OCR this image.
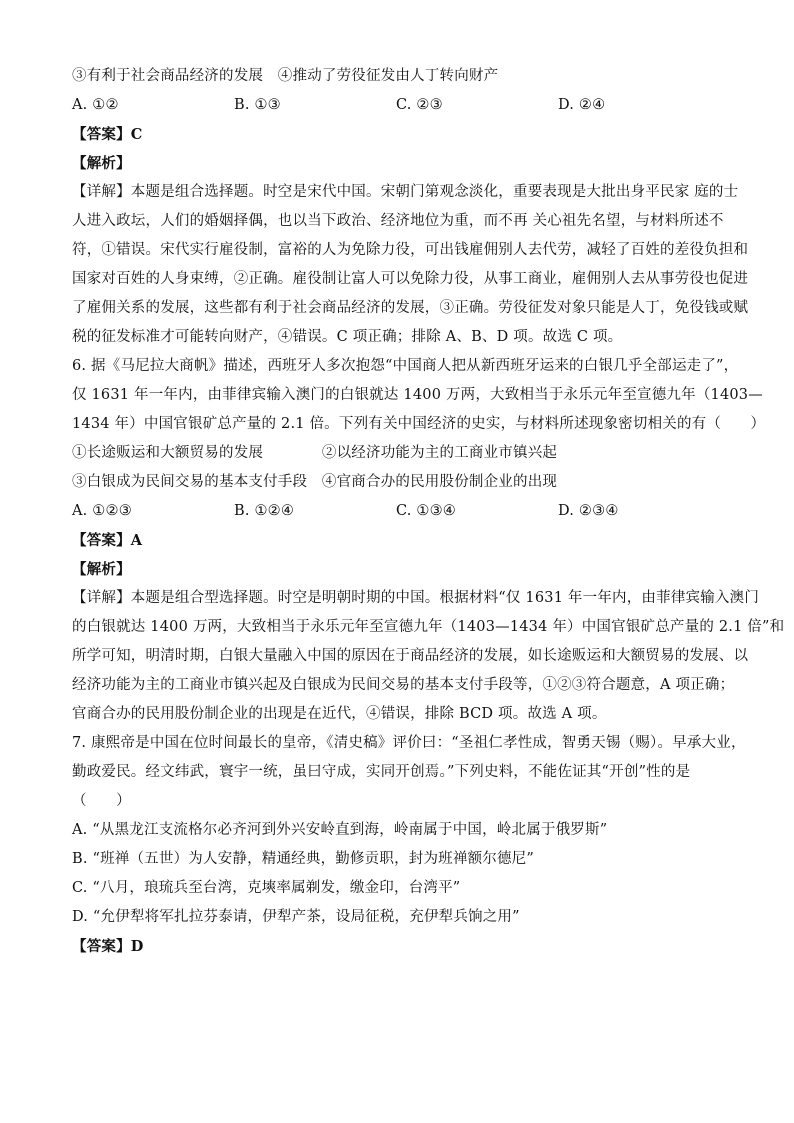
③有利于社会商品经济的发展　④推动了劳役征发由人丁转向财产
A. ①②	B. ①③	C. ②③	D. ②④
【答案】C
【解析】
【详解】本题是组合选择题。时空是宋代中国。宋朝门第观念淡化，重要表现是大批出身平民家 庭的士
人进入政坛，人们的婚姻择偶，也以当下政治、经济地位为重，而不再 关心祖先名望，与材料所述不
符，①错误。宋代实行雇役制，富裕的人为免除力役，可出钱雇佣别人去代劳，减轻了百姓的差役负担和
国家对百姓的人身束缚，②正确。雇役制让富人可以免除力役，从事工商业，雇佣别人去从事劳役也促进
了雇佣关系的发展，这些都有利于社会商品经济的发展，③正确。劳役征发对象只能是人丁，免役钱或赋
税的征发标准才可能转向财产，④错误。C 项正确；排除 A、B、D 项。故选 C 项。
6. 据《马尼拉大商帆》描述，西班牙人多次抱怨“中国商人把从新西班牙运来的白银几乎全部运走了”，
仅 1631 年一年内，由菲律宾输入澳门的白银就达 1400 万两，大致相当于永乐元年至宣德九年（1403—
1434 年）中国官银矿总产量的 2.1 倍。下列有关中国经济的史实，与材料所述现象密切相关的有（　　）
①长途贩运和大额贸易的发展　　　　②以经济功能为主的工商业市镇兴起
③白银成为民间交易的基本支付手段　④官商合办的民用股份制企业的出现
A. ①②③	B. ①②④	C. ①③④	D. ②③④
【答案】A
【解析】
【详解】本题是组合型选择题。时空是明朝时期的中国。根据材料“仅 1631 年一年内，由菲律宾输入澳门
的白银就达 1400 万两，大致相当于永乐元年至宣德九年（1403—1434 年）中国官银矿总产量的 2.1 倍”和
所学可知，明清时期，白银大量融入中国的原因在于商品经济的发展，如长途贩运和大额贸易的发展、以
经济功能为主的工商业市镇兴起及白银成为民间交易的基本支付手段等，①②③符合题意，A 项正确；
官商合办的民用股份制企业的出现是在近代，④错误，排除 BCD 项。故选 A 项。
7. 康熙帝是中国在位时间最长的皇帝，《清史稿》评价曰：“圣祖仁孝性成，智勇天锡（赐）。早承大业，
勤政爱民。经文纬武，寰宇一统，虽曰守成，实同开创焉。”下列史料，不能佐证其“开创”性的是
（　　）
A. “从黑龙江支流格尔必齐河到外兴安岭直到海，岭南属于中国，岭北属于俄罗斯”
B. “班禅（五世）为人安静，精通经典，勤修贡职，封为班禅额尔德尼”
C. “八月，琅琉兵至台湾，克塽率属剃发，缴金印，台湾平”
D. “允伊犁将军扎拉芬泰请，伊犁产茶，设局征税，充伊犁兵饷之用”
【答案】D
